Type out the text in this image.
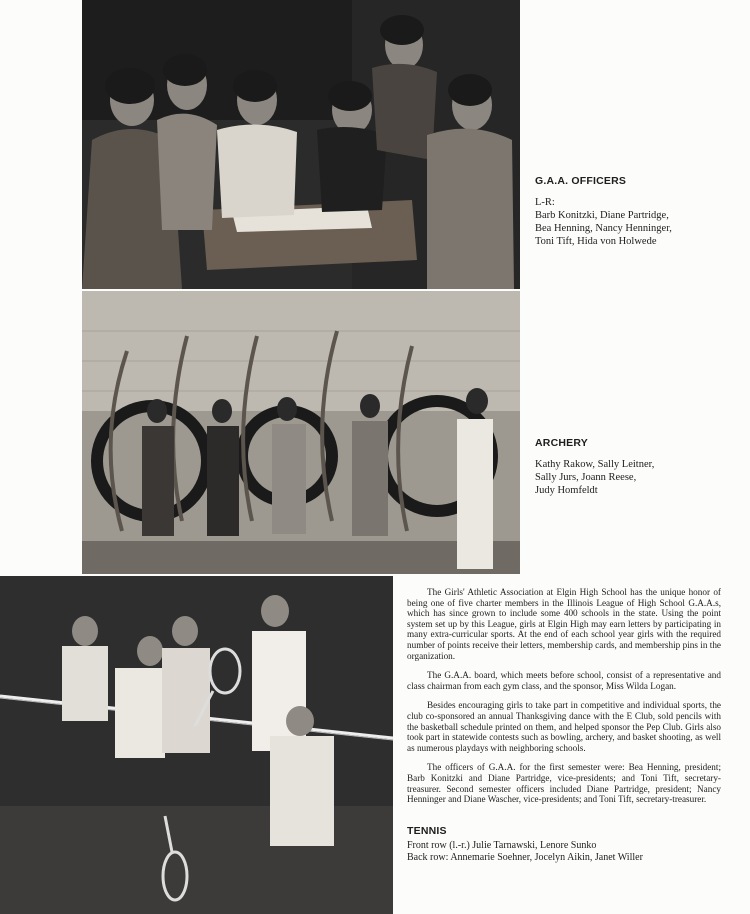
G.A.A. OFFICERS
L-R:
Barb Konitzki, Diane Partridge,
Bea Henning, Nancy Henninger,
Toni Tift, Hida von Holwede
ARCHERY
Kathy Rakow, Sally Leitner,
Sally Jurs, Joann Reese,
Judy Homfeldt

The Girls' Athletic Association at Elgin High School has the unique honor of being one of five charter members in the Illinois League of High School G.A.A.s, which has since grown to include some 400 schools in the state. Using the point system set up by this League, girls at Elgin High may earn letters by participating in many extra-curricular sports. At the end of each school year girls with the required number of points receive their letters, membership cards, and membership pins in the organization.

The G.A.A. board, which meets before school, consist of a representative and class chairman from each gym class, and the sponsor, Miss Wilda Logan.

Besides encouraging girls to take part in competitive and individual sports, the club co-sponsored an annual Thanksgiving dance with the E Club, sold pencils with the basketball schedule printed on them, and helped sponsor the Pep Club. Girls also took part in statewide contests such as bowling, archery, and basket shooting, as well as numerous playdays with neighboring schools.

The officers of G.A.A. for the first semester were: Bea Henning, president; Barb Konitzki and Diane Partridge, vice-presidents; and Toni Tift, secretary-treasurer. Second semester officers included Diane Partridge, president; Nancy Henninger and Diane Wascher, vice-presidents; and Toni Tift, secretary-treasurer.

TENNIS
Front row (l.-r.) Julie Tarnawski, Lenore Sunko
Back row: Annemarie Soehner, Jocelyn Aikin, Janet Willer
